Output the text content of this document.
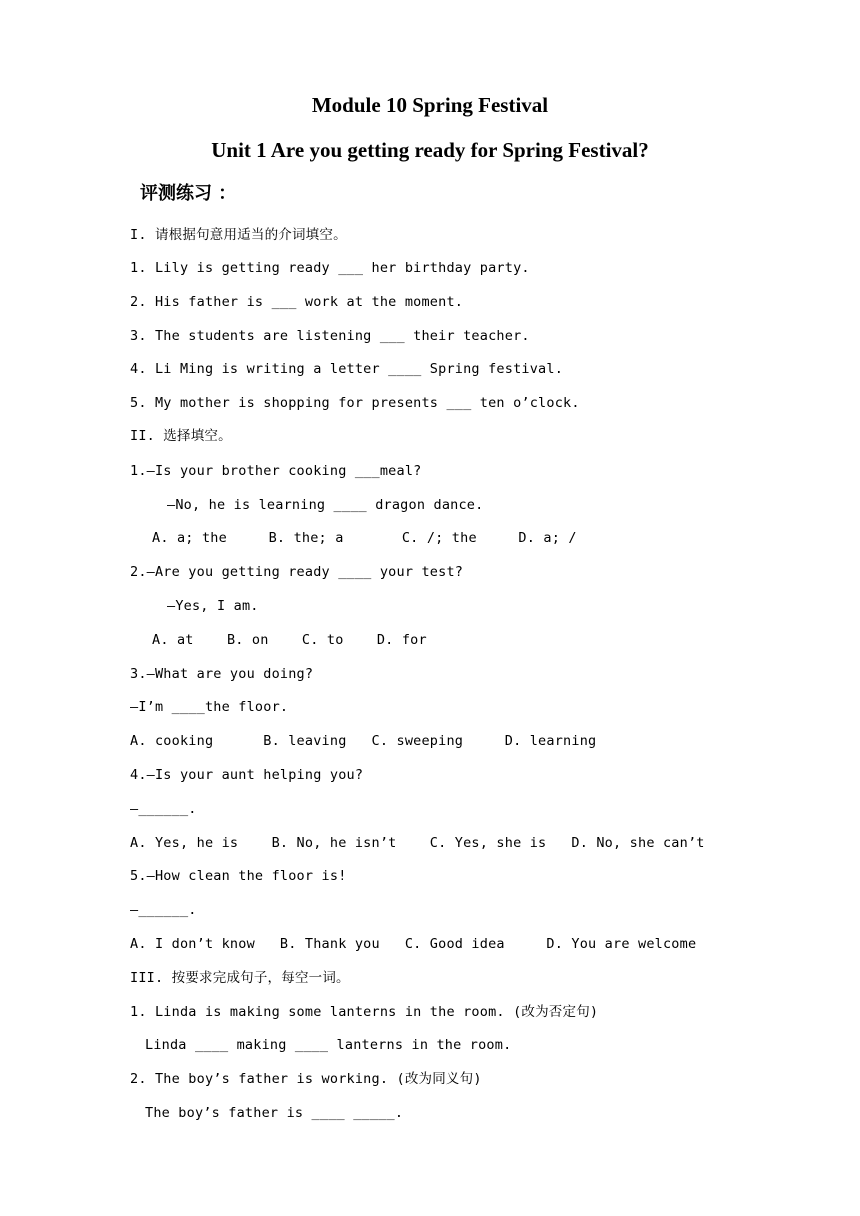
Module 10 Spring Festival
Unit 1 Are you getting ready for Spring Festival?
评测练习 ：

I. 请根据句意用适当的介词填空。

1. Lily is getting ready ___ her birthday party.

2. His father is ___ work at the moment.

3. The students are listening ___ their teacher.

4. Li Ming is writing a letter ____ Spring festival.

5. My mother is shopping for presents ___ ten o’clock.

II. 选择填空。

1.—Is your brother cooking ___meal?

—No, he is learning ____ dragon dance.

A. a; the     B. the; a       C. /; the     D. a; /

2.—Are you getting ready ____ your test?

—Yes, I am.

A. at    B. on    C. to    D. for

3.—What are you doing?

—I’m ____the floor.

A. cooking      B. leaving   C. sweeping     D. learning

4.—Is your aunt helping you?

—______.

A. Yes, he is    B. No, he isn’t    C. Yes, she is   D. No, she can’t

5.—How clean the floor is!

—______.

A. I don’t know   B. Thank you   C. Good idea     D. You are welcome

III. 按要求完成句子，每空一词。

1. Linda is making some lanterns in the room. (改为否定句)

Linda ____ making ____ lanterns in the room.

2. The boy’s father is working. (改为同义句)

The boy’s father is ____ _____.
